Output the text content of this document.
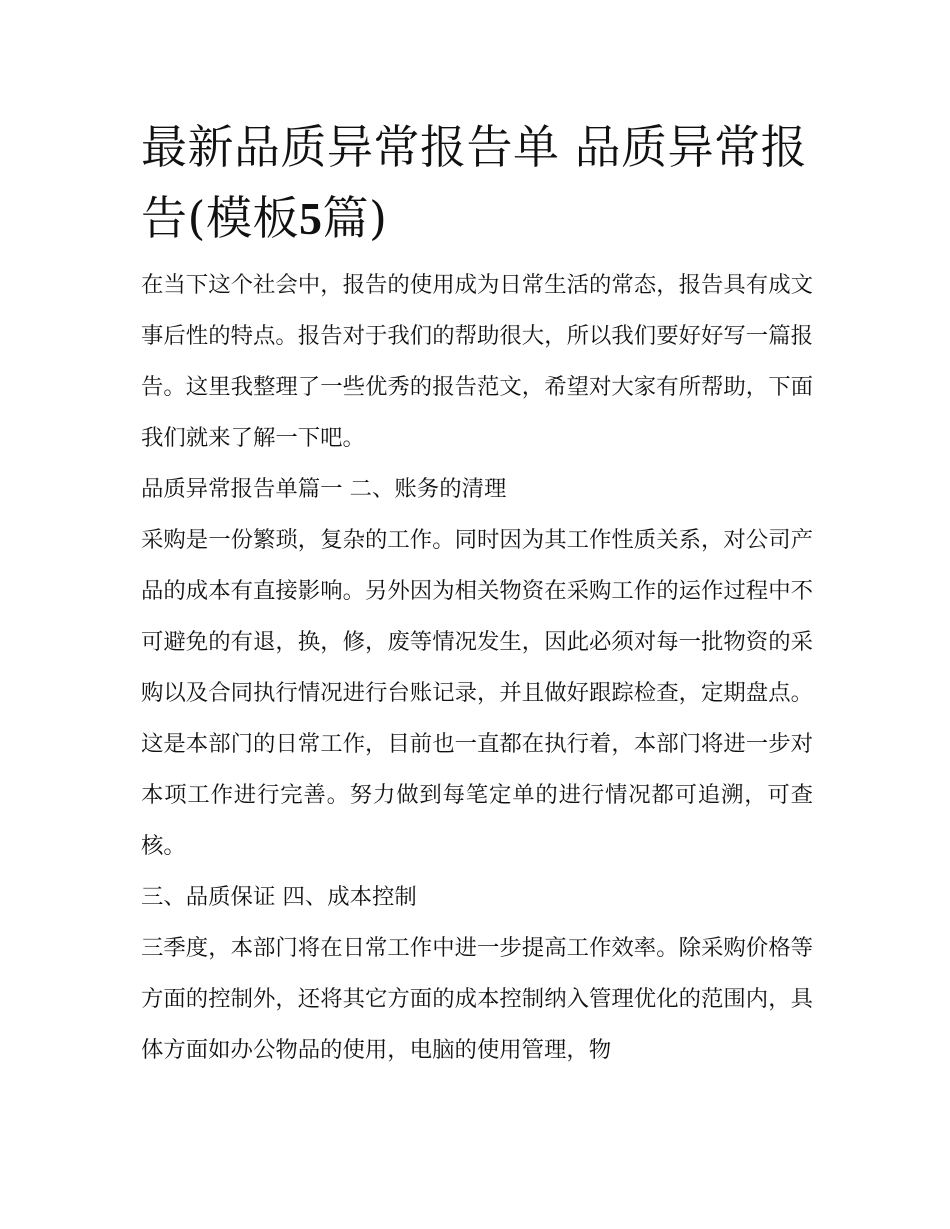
最新品质异常报告单 品质异常报告(模板5篇)

在当下这个社会中，报告的使用成为日常生活的常态，报告具有成文事后性的特点。报告对于我们的帮助很大，所以我们要好好写一篇报告。这里我整理了一些优秀的报告范文，希望对大家有所帮助，下面我们就来了解一下吧。

品质异常报告单篇一 二、账务的清理

采购是一份繁琐，复杂的工作。同时因为其工作性质关系，对公司产品的成本有直接影响。另外因为相关物资在采购工作的运作过程中不可避免的有退，换，修，废等情况发生，因此必须对每一批物资的采购以及合同执行情况进行台账记录，并且做好跟踪检查，定期盘点。这是本部门的日常工作，目前也一直都在执行着，本部门将进一步对本项工作进行完善。努力做到每笔定单的进行情况都可追溯，可查核。

三、品质保证 四、成本控制

三季度，本部门将在日常工作中进一步提高工作效率。除采购价格等方面的控制外，还将其它方面的成本控制纳入管理优化的范围内，具体方面如办公物品的使用，电脑的使用管理，物
